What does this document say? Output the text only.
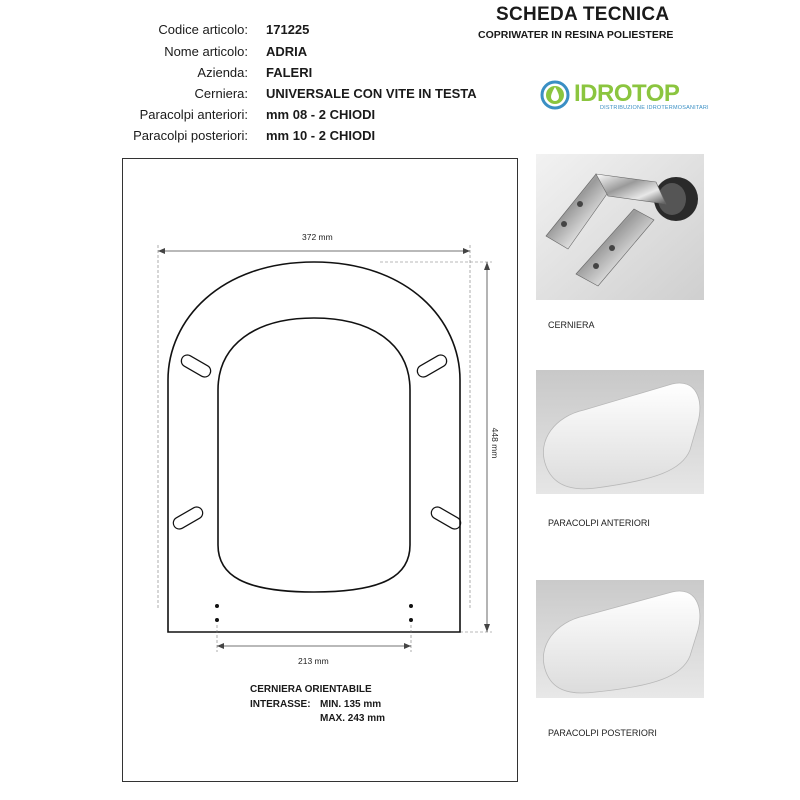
Codice articolo: 171225
Nome articolo: ADRIA
Azienda: FALERI
Cerniera: UNIVERSALE CON VITE IN TESTA
Paracolpi anteriori: mm 08 - 2 CHIODI
Paracolpi posteriori: mm 10 - 2 CHIODI
SCHEDA TECNICA
COPRIWATER IN RESINA POLIESTERE
IDROTOP
DISTRIBUZIONE IDROTERMOSANITARI
372 mm
448 mm
213 mm
CERNIERA ORIENTABILE
INTERASSE: MIN. 135 mm
MAX. 243 mm
CERNIERA
PARACOLPI ANTERIORI
PARACOLPI POSTERIORI
